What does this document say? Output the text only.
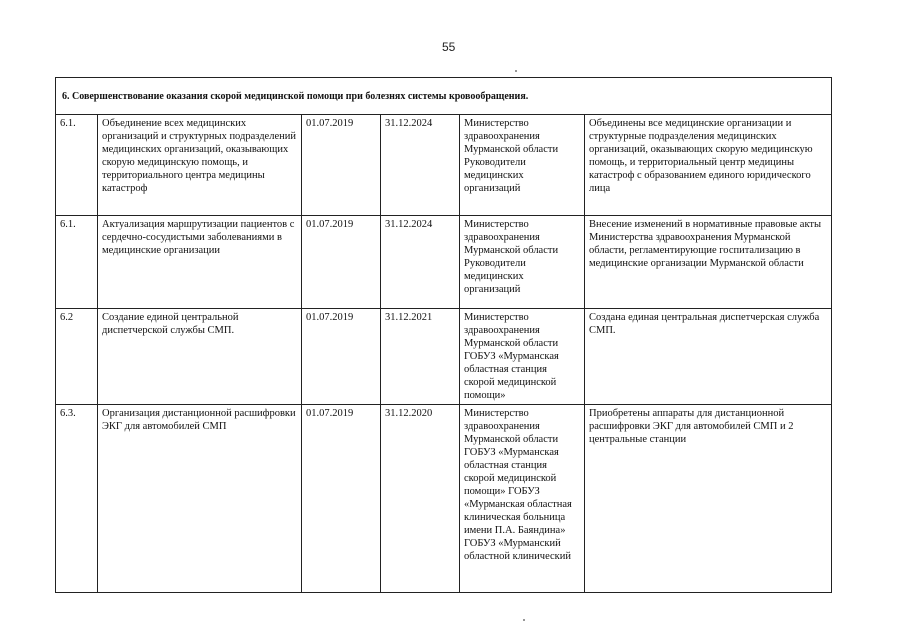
55
6. Совершенствование оказания скорой медицинской помощи при болезнях системы кровообращения.					
6.1.	Объединение всех медицинских организаций и структурных подразделений медицинских организаций, оказывающих скорую медицинскую помощь, и территориального центра медицины катастроф	01.07.2019	31.12.2024	Министерство здравоохранения Мурманской области Руководители медицинских организаций	Объединены все медицинские организации и структурные подразделения медицинских организаций, оказывающих скорую медицинскую помощь, и территориальный центр медицины катастроф с образованием единого юридического лица
6.1.	Актуализация маршрутизации пациентов с сердечно-сосудистыми заболеваниями в медицинские организации	01.07.2019	31.12.2024	Министерство здравоохранения Мурманской области Руководители медицинских организаций	Внесение изменений в нормативные правовые акты Министерства здравоохранения Мурманской области, регламентирующие госпитализацию в медицинские организации Мурманской области
6.2	Создание единой центральной диспетчерской службы СМП.	01.07.2019	31.12.2021	Министерство здравоохранения Мурманской области ГОБУЗ «Мурманская областная станция скорой медицинской помощи»	Создана единая центральная диспетчерская служба СМП.
6.3.	Организация дистанционной расшифровки ЭКГ для автомобилей СМП	01.07.2019	31.12.2020	Министерство здравоохранения Мурманской области ГОБУЗ «Мурманская областная станция скорой медицинской помощи» ГОБУЗ «Мурманская областная клиническая больница имени П.А. Баяндина» ГОБУЗ «Мурманский областной клинический	Приобретены аппараты для дистанционной расшифровки ЭКГ для автомобилей СМП и 2 центральные станции
